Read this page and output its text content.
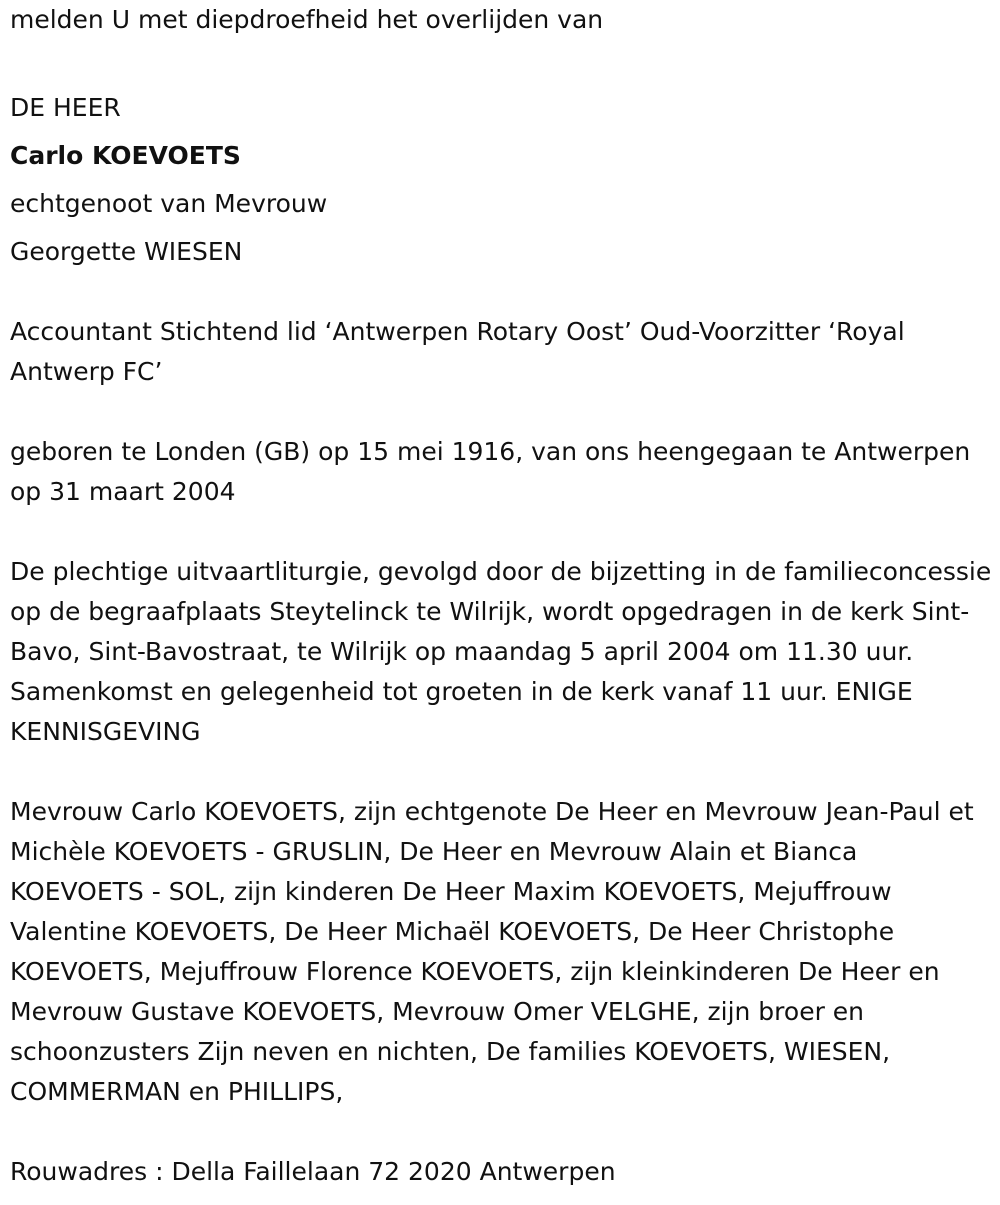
melden U met diepdroefheid het overlijden van
DE HEER
Carlo KOEVOETS
echtgenoot van Mevrouw
Georgette WIESEN

Accountant Stichtend lid ‘Antwerpen Rotary Oost’ Oud-Voorzitter ‘Royal Antwerp FC’

geboren te Londen (GB) op 15 mei 1916, van ons heengegaan te Antwerpen op 31 maart 2004

De plechtige uitvaartliturgie, gevolgd door de bijzetting in de familieconcessie op de begraafplaats Steytelinck te Wilrijk, wordt opgedragen in de kerk Sint-Bavo, Sint-Bavostraat, te Wilrijk op maandag 5 april 2004 om 11.30 uur. Samenkomst en gelegenheid tot groeten in de kerk vanaf 11 uur. ENIGE KENNISGEVING

Mevrouw Carlo KOEVOETS, zijn echtgenote De Heer en Mevrouw Jean-Paul et Michèle KOEVOETS - GRUSLIN, De Heer en Mevrouw Alain et Bianca KOEVOETS - SOL, zijn kinderen De Heer Maxim KOEVOETS, Mejuffrouw Valentine KOEVOETS, De Heer Michaël KOEVOETS, De Heer Christophe KOEVOETS, Mejuffrouw Florence KOEVOETS, zijn kleinkinderen De Heer en Mevrouw Gustave KOEVOETS, Mevrouw Omer VELGHE, zijn broer en schoonzusters Zijn neven en nichten, De families KOEVOETS, WIESEN, COMMERMAN en PHILLIPS,

Rouwadres : Della Faillelaan 72 2020 Antwerpen
